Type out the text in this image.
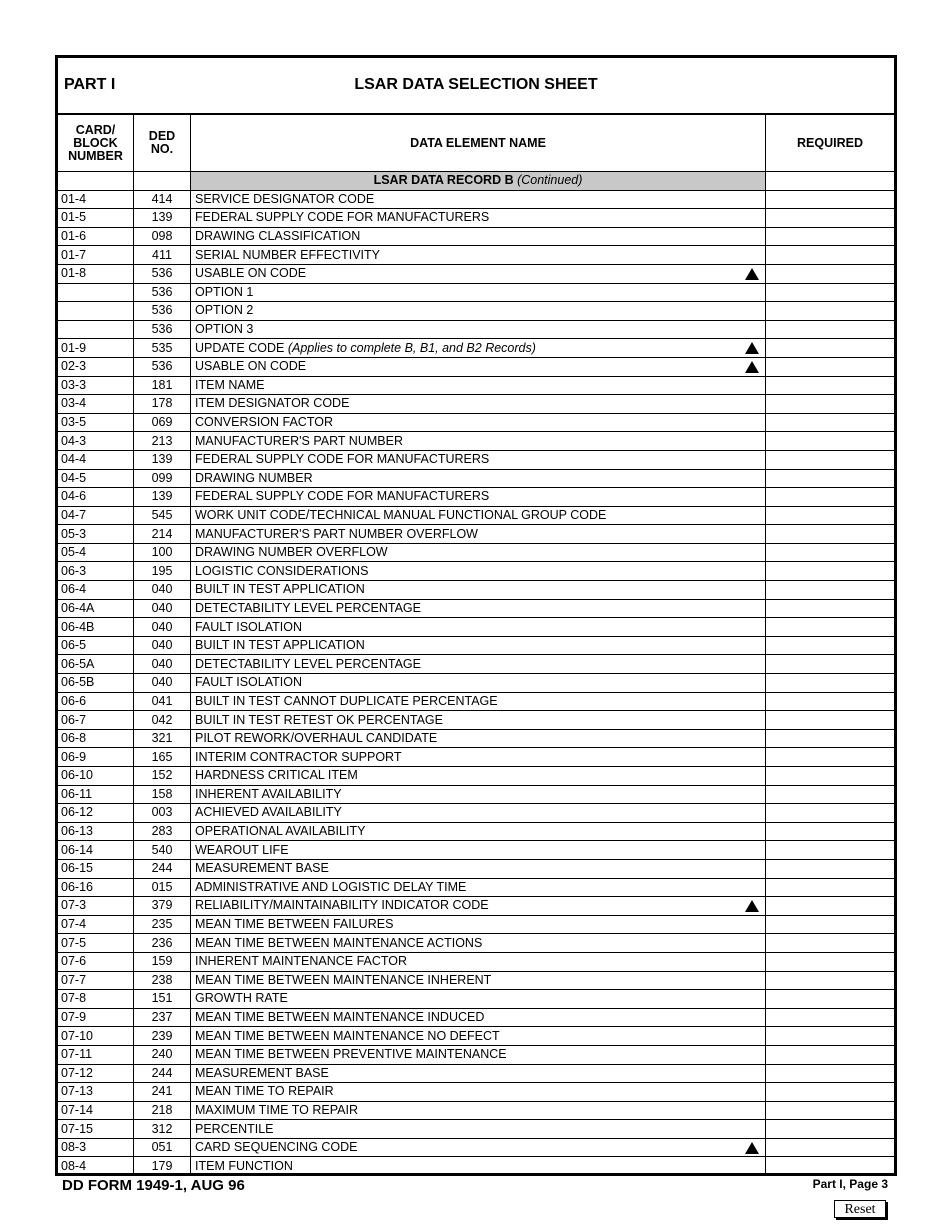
PART I	LSAR DATA SELECTION SHEET
CARD/
BLOCK
NUMBER	DED
NO.	DATA ELEMENT NAME	REQUIRED
		LSAR DATA RECORD B (Continued)	
01-4	414	SERVICE DESIGNATOR CODE	
01-5	139	FEDERAL SUPPLY CODE FOR MANUFACTURERS	
01-6	098	DRAWING CLASSIFICATION	
01-7	411	SERIAL NUMBER EFFECTIVITY	
01-8	536	USABLE ON CODE

	536	OPTION 1	
	536	OPTION 2	
	536	OPTION 3	
01-9	535	UPDATE CODE (Applies to complete B, B1, and B2 Records)

02-3	536	USABLE ON CODE

03-3	181	ITEM NAME	
03-4	178	ITEM DESIGNATOR CODE	
03-5	069	CONVERSION FACTOR	
04-3	213	MANUFACTURER'S PART NUMBER	
04-4	139	FEDERAL SUPPLY CODE FOR MANUFACTURERS	
04-5	099	DRAWING NUMBER	
04-6	139	FEDERAL SUPPLY CODE FOR MANUFACTURERS	
04-7	545	WORK UNIT CODE/TECHNICAL MANUAL FUNCTIONAL GROUP CODE	
05-3	214	MANUFACTURER'S PART NUMBER OVERFLOW	
05-4	100	DRAWING NUMBER OVERFLOW	
06-3	195	LOGISTIC CONSIDERATIONS	
06-4	040	BUILT IN TEST APPLICATION	
06-4A	040	DETECTABILITY LEVEL PERCENTAGE	
06-4B	040	FAULT ISOLATION	
06-5	040	BUILT IN TEST APPLICATION	
06-5A	040	DETECTABILITY LEVEL PERCENTAGE	
06-5B	040	FAULT ISOLATION	
06-6	041	BUILT IN TEST CANNOT DUPLICATE PERCENTAGE	
06-7	042	BUILT IN TEST RETEST OK PERCENTAGE	
06-8	321	PILOT REWORK/OVERHAUL CANDIDATE	
06-9	165	INTERIM CONTRACTOR SUPPORT	
06-10	152	HARDNESS CRITICAL ITEM	
06-11	158	INHERENT AVAILABILITY	
06-12	003	ACHIEVED AVAILABILITY	
06-13	283	OPERATIONAL AVAILABILITY	
06-14	540	WEAROUT LIFE	
06-15	244	MEASUREMENT BASE	
06-16	015	ADMINISTRATIVE AND LOGISTIC DELAY TIME	
07-3	379	RELIABILITY/MAINTAINABILITY INDICATOR CODE

07-4	235	MEAN TIME BETWEEN FAILURES	
07-5	236	MEAN TIME BETWEEN MAINTENANCE ACTIONS	
07-6	159	INHERENT MAINTENANCE FACTOR	
07-7	238	MEAN TIME BETWEEN MAINTENANCE INHERENT	
07-8	151	GROWTH RATE	
07-9	237	MEAN TIME BETWEEN MAINTENANCE INDUCED	
07-10	239	MEAN TIME BETWEEN MAINTENANCE NO DEFECT	
07-11	240	MEAN TIME BETWEEN PREVENTIVE MAINTENANCE	
07-12	244	MEASUREMENT BASE	
07-13	241	MEAN TIME TO REPAIR	
07-14	218	MAXIMUM TIME TO REPAIR	
07-15	312	PERCENTILE	
08-3	051	CARD SEQUENCING CODE

08-4	179	ITEM FUNCTION	
DD FORM 1949-1, AUG 96	Part I, Page 3
Reset
